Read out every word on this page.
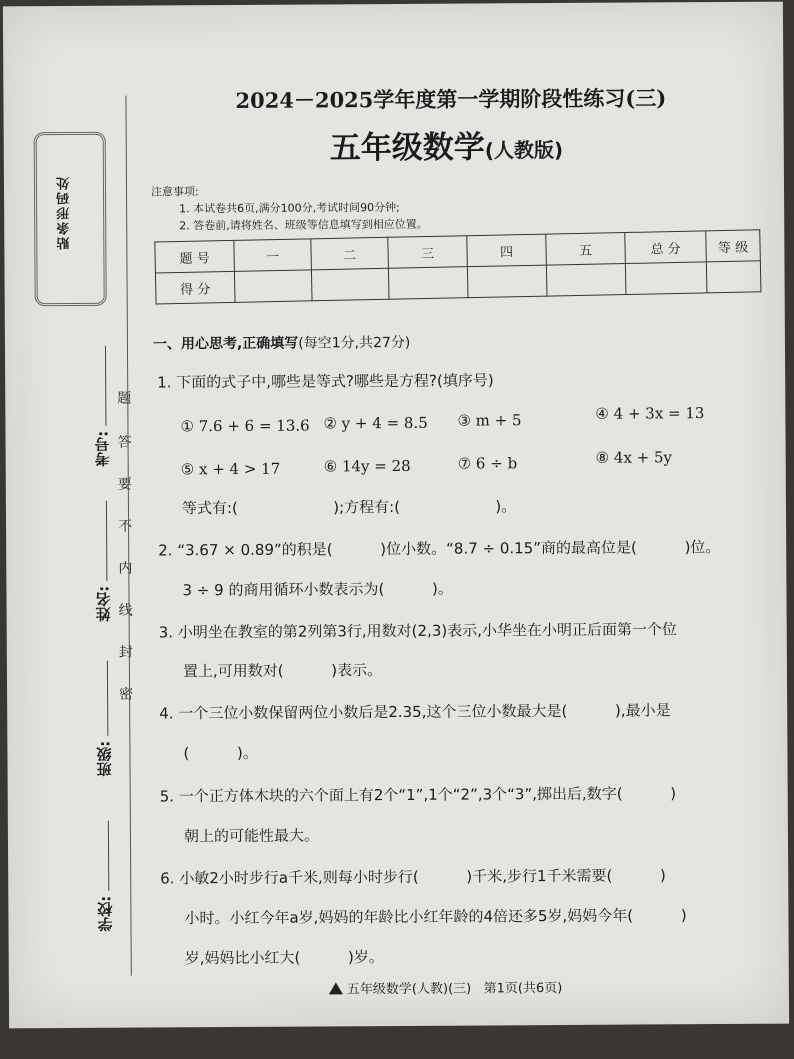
贴条形码处
考号:
姓名:
班级:
学校:
题
答
要
不
内
线
封
密
2024－2025学年度第一学期阶段性练习(三)
五年级数学(人教版)
注意事项:
1. 本试卷共6页,满分100分,考试时间90分钟;
2. 答卷前,请将姓名、班级等信息填写到相应位置。
题 号	一	二	三	四	五	总 分	等 级
得 分							
一、用心思考,正确填写(每空1分,共27分)
1. 下面的式子中,哪些是等式?哪些是方程?(填序号)
① 7.6 + 6 = 13.6 ② y + 4 = 8.5 ③ m + 5	④ 4 + 3x = 13
⑤ x + 4 > 17	⑥ 14y = 28	⑦ 6 ÷ b	⑧ 4x + 5y
等式有:(                    );方程有:(                    )。
2. “3.67 × 0.89”的积是(          )位小数。“8.7 ÷ 0.15”商的最高位是(          )位。
3 ÷ 9 的商用循环小数表示为(          )。
3. 小明坐在教室的第2列第3行,用数对(2,3)表示,小华坐在小明正后面第一个位
置上,可用数对(          )表示。
4. 一个三位小数保留两位小数后是2.35,这个三位小数最大是(          ),最小是
(          )。
5. 一个正方体木块的六个面上有2个“1”,1个“2”,3个“3”,掷出后,数字(          )
朝上的可能性最大。
6. 小敏2小时步行a千米,则每小时步行(          )千米,步行1千米需要(          )
小时。小红今年a岁,妈妈的年龄比小红年龄的4倍还多5岁,妈妈今年(          )
岁,妈妈比小红大(          )岁。
五年级数学(人教)(三)   第1页(共6页)
